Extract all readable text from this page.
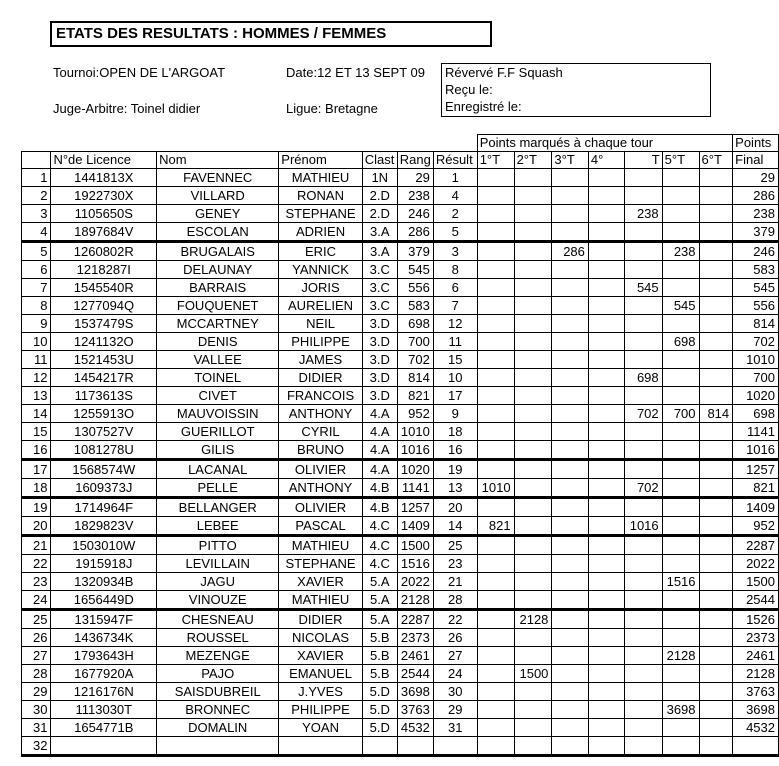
ETATS DES RESULTATS : HOMMES / FEMMES
Tournoi:OPEN DE L'ARGOAT	Date:12 ET 13 SEPT 09
Juge-Arbitre: Toinel didier	Ligue: Bretagne
Révervé F.F Squash
Reçu le:
Enregistré le:
							Points marqués à chaque tour							Points
	N°de Licence	Nom	Prénom	Clast	Rang	Résult	1°T	2°T	3°T	4°	T	5°T	6°T	Final
1	1441813X	FAVENNEC	MATHIEU	1N	29	1								29
2	1922730X	VILLARD	RONAN	2.D	238	4								286
3	1105650S	GENEY	STEPHANE	2.D	246	2					238			238
4	1897684V	ESCOLAN	ADRIEN	3.A	286	5								379
5	1260802R	BRUGALAIS	ERIC	3.A	379	3			286			238		246
6	1218287I	DELAUNAY	YANNICK	3.C	545	8								583
7	1545540R	BARRAIS	JORIS	3.C	556	6					545			545
8	1277094Q	FOUQUENET	AURELIEN	3.C	583	7						545		556
9	1537479S	MCCARTNEY	NEIL	3.D	698	12								814
10	1241132O	DENIS	PHILIPPE	3.D	700	11						698		702
11	1521453U	VALLEE	JAMES	3.D	702	15								1010
12	1454217R	TOINEL	DIDIER	3.D	814	10					698			700
13	1173613S	CIVET	FRANCOIS	3.D	821	17								1020
14	1255913O	MAUVOISSIN	ANTHONY	4.A	952	9					702	700	814	698
15	1307527V	GUERILLOT	CYRIL	4.A	1010	18								1141
16	1081278U	GILIS	BRUNO	4.A	1016	16								1016
17	1568574W	LACANAL	OLIVIER	4.A	1020	19								1257
18	1609373J	PELLE	ANTHONY	4.B	1141	13	1010				702			821
19	1714964F	BELLANGER	OLIVIER	4.B	1257	20								1409
20	1829823V	LEBEE	PASCAL	4.C	1409	14	821				1016			952
21	1503010W	PITTO	MATHIEU	4.C	1500	25								2287
22	1915918J	LEVILLAIN	STEPHANE	4.C	1516	23								2022
23	1320934B	JAGU	XAVIER	5.A	2022	21						1516		1500
24	1656449D	VINOUZE	MATHIEU	5.A	2128	28								2544
25	1315947F	CHESNEAU	DIDIER	5.A	2287	22		2128						1526
26	1436734K	ROUSSEL	NICOLAS	5.B	2373	26								2373
27	1793643H	MEZENGE	XAVIER	5.B	2461	27						2128		2461
28	1677920A	PAJO	EMANUEL	5.B	2544	24		1500						2128
29	1216176N	SAISDUBREIL	J.YVES	5.D	3698	30								3763
30	1113030T	BRONNEC	PHILIPPE	5.D	3763	29						3698		3698
31	1654771B	DOMALIN	YOAN	5.D	4532	31								4532
32														
